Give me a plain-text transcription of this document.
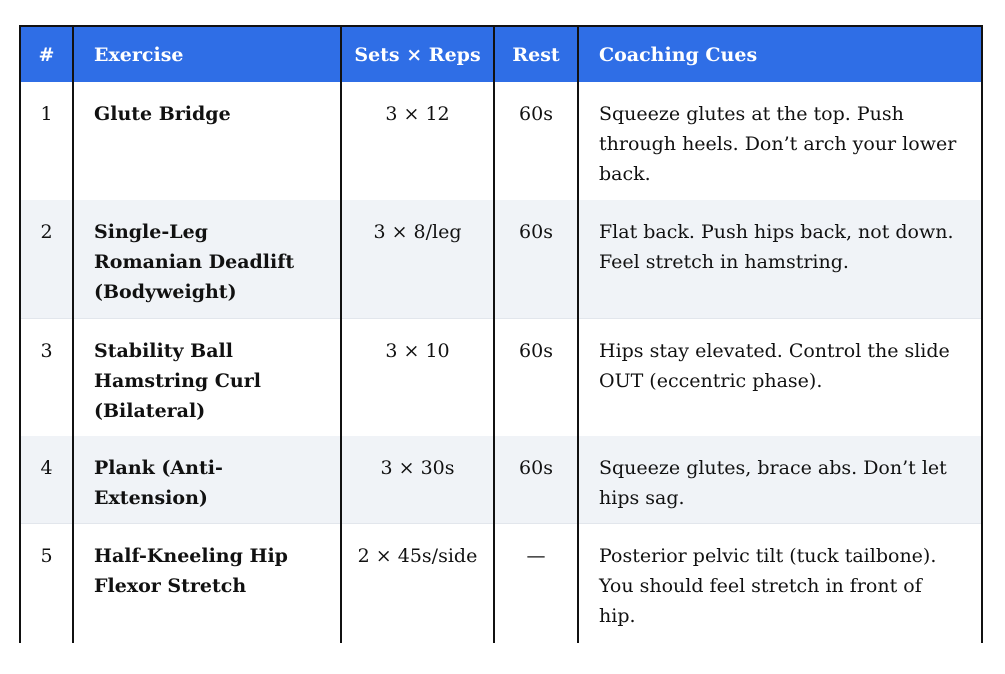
#	Exercise	Sets × Reps	Rest	Coaching Cues
1	Glute Bridge	3 × 12	60s	Squeeze glutes at the top. Push through heels. Don’t arch your lower back.
2	Single-Leg Romanian Deadlift (Bodyweight)	3 × 8/leg	60s	Flat back. Push hips back, not down. Feel stretch in hamstring.
3	Stability Ball Hamstring Curl (Bilateral)	3 × 10	60s	Hips stay elevated. Control the slide OUT (eccentric phase).
4	Plank (Anti-Extension)	3 × 30s	60s	Squeeze glutes, brace abs. Don’t let hips sag.
5	Half-Kneeling Hip Flexor Stretch	2 × 45s/side	—	Posterior pelvic tilt (tuck tailbone). You should feel stretch in front of hip.
